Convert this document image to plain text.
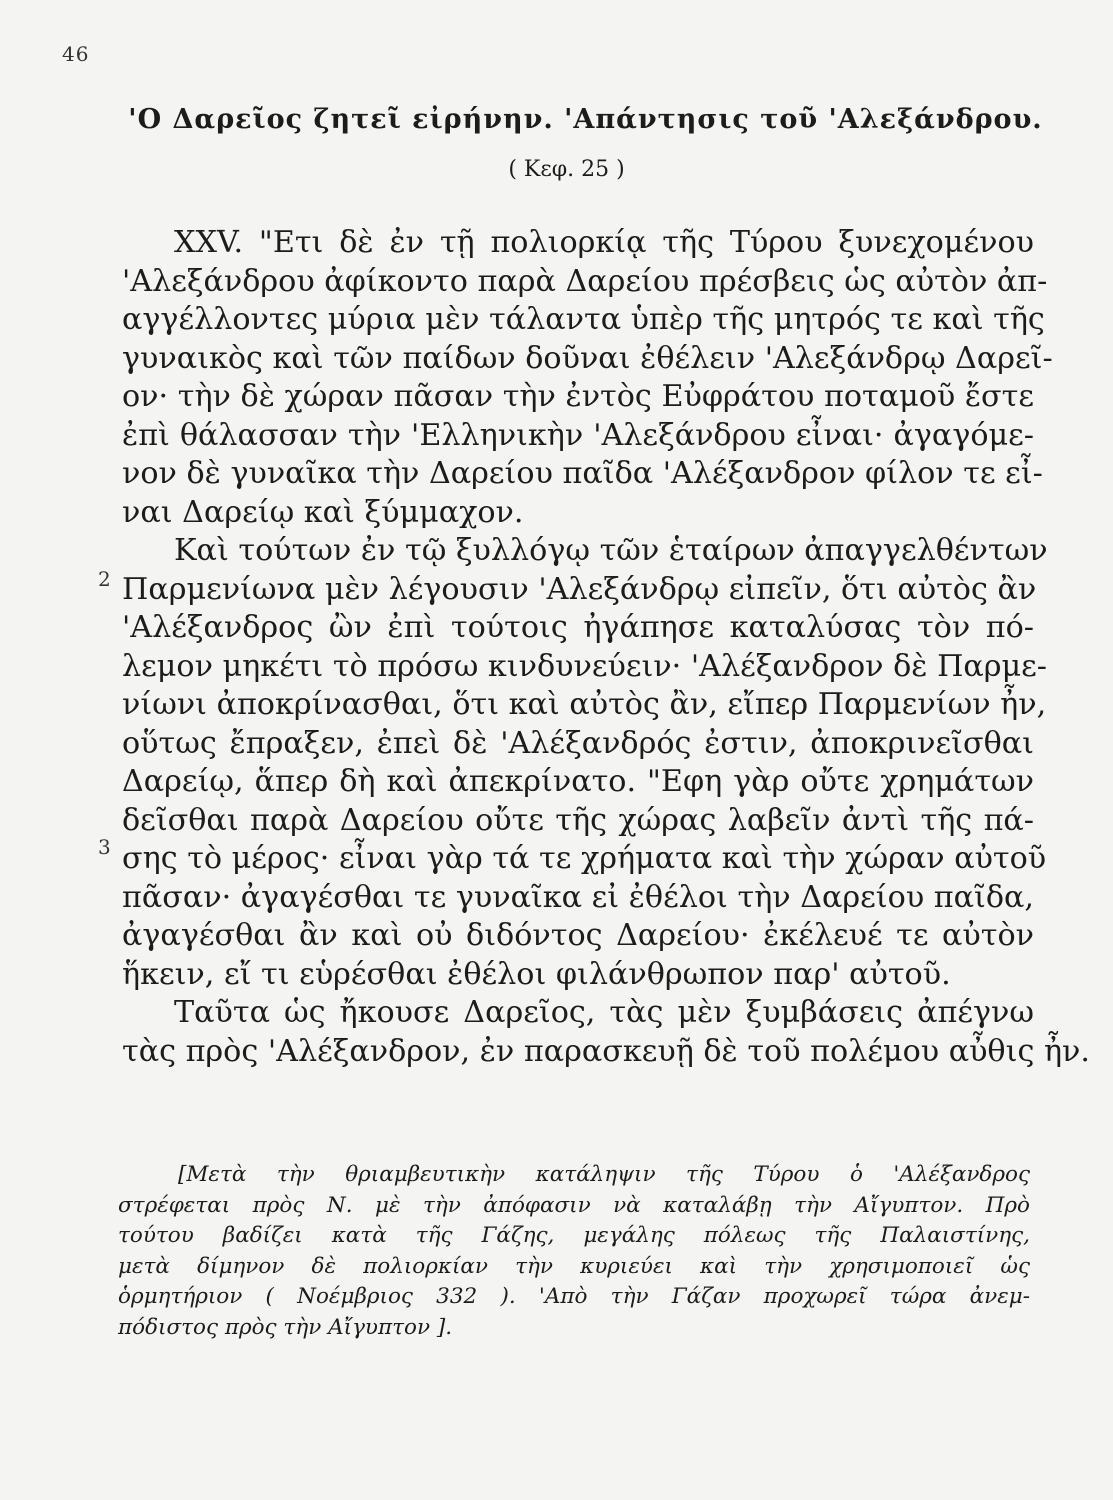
46
'Ο Δαρεῖος ζητεῖ εἰρήνην. 'Απάντησις τοῦ 'Αλεξάνδρου.
( Κεφ. 25 )
2
3
XXV. "Ετι δὲ ἐν τῇ πολιορκίᾳ τῆς Τύρου ξυνεχομένου
'Αλεξάνδρου ἀφίκοντο παρὰ Δαρείου πρέσβεις ὡς αὐτὸν ἀπ-
αγγέλλοντες μύρια μὲν τάλαντα ὑπὲρ τῆς μητρός τε καὶ τῆς
γυναικὸς καὶ τῶν παίδων δοῦναι ἐθέλειν 'Αλεξάνδρῳ Δαρεῖ-
ον· τὴν δὲ χώραν πᾶσαν τὴν ἐντὸς Εὐφράτου ποταμοῦ ἔστε
ἐπὶ θάλασσαν τὴν 'Ελληνικὴν 'Αλεξάνδρου εἶναι· ἀγαγόμε-
νον δὲ γυναῖκα τὴν Δαρείου παῖδα 'Αλέξανδρον φίλον τε εἶ-
ναι Δαρείῳ καὶ ξύμμαχον.
Καὶ τούτων ἐν τῷ ξυλλόγῳ τῶν ἑταίρων ἀπαγγελθέντων
Παρμενίωνα μὲν λέγουσιν 'Αλεξάνδρῳ εἰπεῖν, ὅτι αὐτὸς ἂν
'Αλέξανδρος ὢν ἐπὶ τούτοις ἠγάπησε καταλύσας τὸν πό-
λεμον μηκέτι τὸ πρόσω κινδυνεύειν· 'Αλέξανδρον δὲ Παρμε-
νίωνι ἀποκρίνασθαι, ὅτι καὶ αὐτὸς ἂν, εἴπερ Παρμενίων ἦν,
οὕτως ἔπραξεν, ἐπεὶ δὲ 'Αλέξανδρός ἐστιν, ἀποκρινεῖσθαι
Δαρείῳ, ἅπερ δὴ καὶ ἀπεκρίνατο. "Εφη γὰρ οὔτε χρημάτων
δεῖσθαι παρὰ Δαρείου οὔτε τῆς χώρας λαβεῖν ἀντὶ τῆς πά-
σης τὸ μέρος· εἶναι γὰρ τά τε χρήματα καὶ τὴν χώραν αὐτοῦ
πᾶσαν· ἀγαγέσθαι τε γυναῖκα εἰ ἐθέλοι τὴν Δαρείου παῖδα,
ἀγαγέσθαι ἂν καὶ οὐ διδόντος Δαρείου· ἐκέλευέ τε αὐτὸν
ἥκειν, εἴ τι εὑρέσθαι ἐθέλοι φιλάνθρωπον παρ' αὐτοῦ.
Ταῦτα ὡς ἤκουσε Δαρεῖος, τὰς μὲν ξυμβάσεις ἀπέγνω
τὰς πρὸς 'Αλέξανδρον, ἐν παρασκευῇ δὲ τοῦ πολέμου αὖθις ἦν.
[Μετὰ τὴν θριαμβευτικὴν κατάληψιν τῆς Τύρου ὁ 'Αλέξανδρος
στρέφεται πρὸς Ν. μὲ τὴν ἀπόφασιν νὰ καταλάβῃ τὴν Αἴγυπτον. Πρὸ
τούτου βαδίζει κατὰ τῆς Γάζης, μεγάλης πόλεως τῆς Παλαιστίνης,
μετὰ δίμηνον δὲ πολιορκίαν τὴν κυριεύει καὶ τὴν χρησιμοποιεῖ ὡς
ὁρμητήριον ( Νοέμβριος 332 ). 'Απὸ τὴν Γάζαν προχωρεῖ τώρα ἀνεμ-
πόδιστος πρὸς τὴν Αἴγυπτον ].
